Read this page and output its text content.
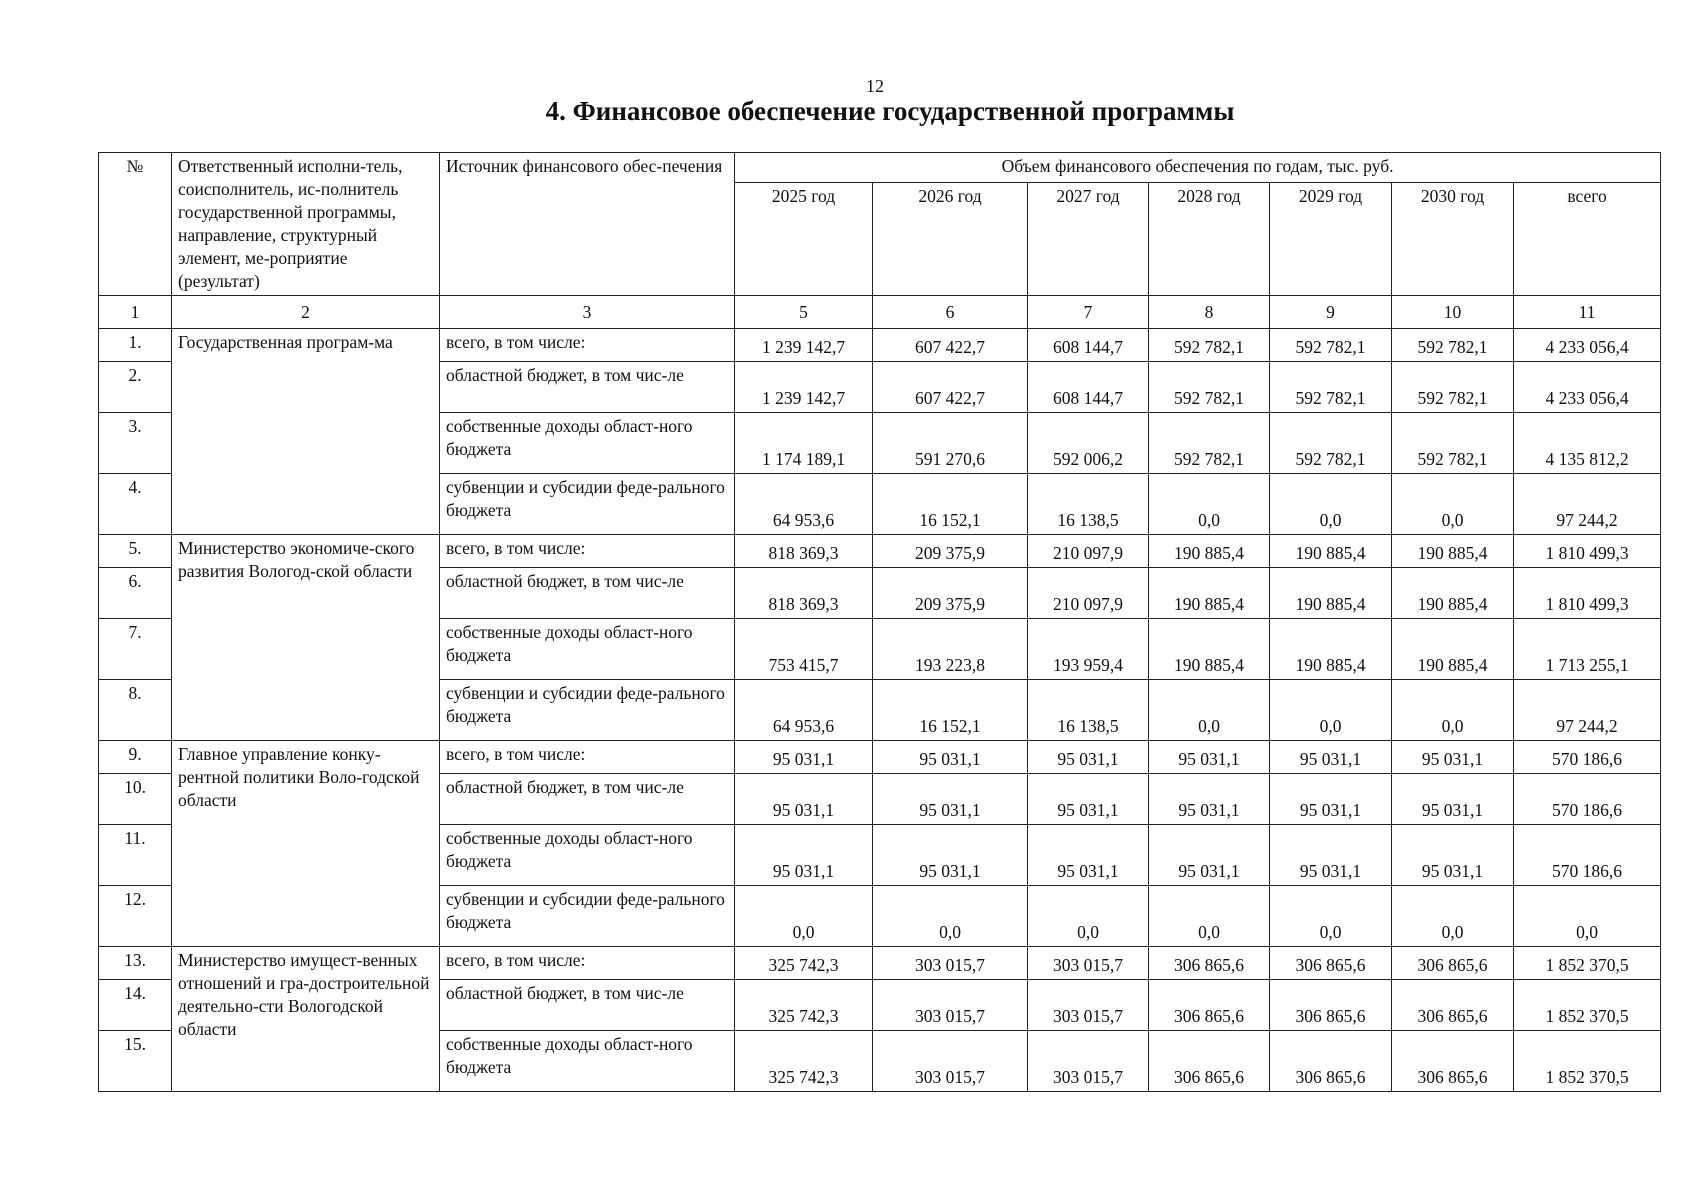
12
4. Финансовое обеспечение государственной программы
№	Ответственный исполни-тель, соисполнитель, ис-полнитель государственной программы, направление, структурный элемент, ме-роприятие (результат)	Источник финансового обес-печения	Объем финансового обеспечения по годам, тыс. руб.						
			2025 год	2026 год	2027 год	2028 год	2029 год	2030 год	всего
1	2	3	5	6	7	8	9	10	11
1.	Государственная програм-ма	всего, в том числе:	1 239 142,7	607 422,7	608 144,7	592 782,1	592 782,1	592 782,1	4 233 056,4
2.		областной бюджет, в том чис-ле	1 239 142,7	607 422,7	608 144,7	592 782,1	592 782,1	592 782,1	4 233 056,4
3.		собственные доходы област-ного бюджета	1 174 189,1	591 270,6	592 006,2	592 782,1	592 782,1	592 782,1	4 135 812,2
4.		субвенции и субсидии феде-рального бюджета	64 953,6	16 152,1	16 138,5	0,0	0,0	0,0	97 244,2
5.	Министерство экономиче-ского развития Вологод-ской области	всего, в том числе:	818 369,3	209 375,9	210 097,9	190 885,4	190 885,4	190 885,4	1 810 499,3
6.		областной бюджет, в том чис-ле	818 369,3	209 375,9	210 097,9	190 885,4	190 885,4	190 885,4	1 810 499,3
7.		собственные доходы област-ного бюджета	753 415,7	193 223,8	193 959,4	190 885,4	190 885,4	190 885,4	1 713 255,1
8.		субвенции и субсидии феде-рального бюджета	64 953,6	16 152,1	16 138,5	0,0	0,0	0,0	97 244,2
9.	Главное управление конку-рентной политики Воло-годской области	всего, в том числе:	95 031,1	95 031,1	95 031,1	95 031,1	95 031,1	95 031,1	570 186,6
10.		областной бюджет, в том чис-ле	95 031,1	95 031,1	95 031,1	95 031,1	95 031,1	95 031,1	570 186,6
11.		собственные доходы област-ного бюджета	95 031,1	95 031,1	95 031,1	95 031,1	95 031,1	95 031,1	570 186,6
12.		субвенции и субсидии феде-рального бюджета	0,0	0,0	0,0	0,0	0,0	0,0	0,0
13.	Министерство имущест-венных отношений и гра-достроительной деятельно-сти Вологодской области	всего, в том числе:	325 742,3	303 015,7	303 015,7	306 865,6	306 865,6	306 865,6	1 852 370,5
14.		областной бюджет, в том чис-ле	325 742,3	303 015,7	303 015,7	306 865,6	306 865,6	306 865,6	1 852 370,5
15.		собственные доходы област-ного бюджета	325 742,3	303 015,7	303 015,7	306 865,6	306 865,6	306 865,6	1 852 370,5
